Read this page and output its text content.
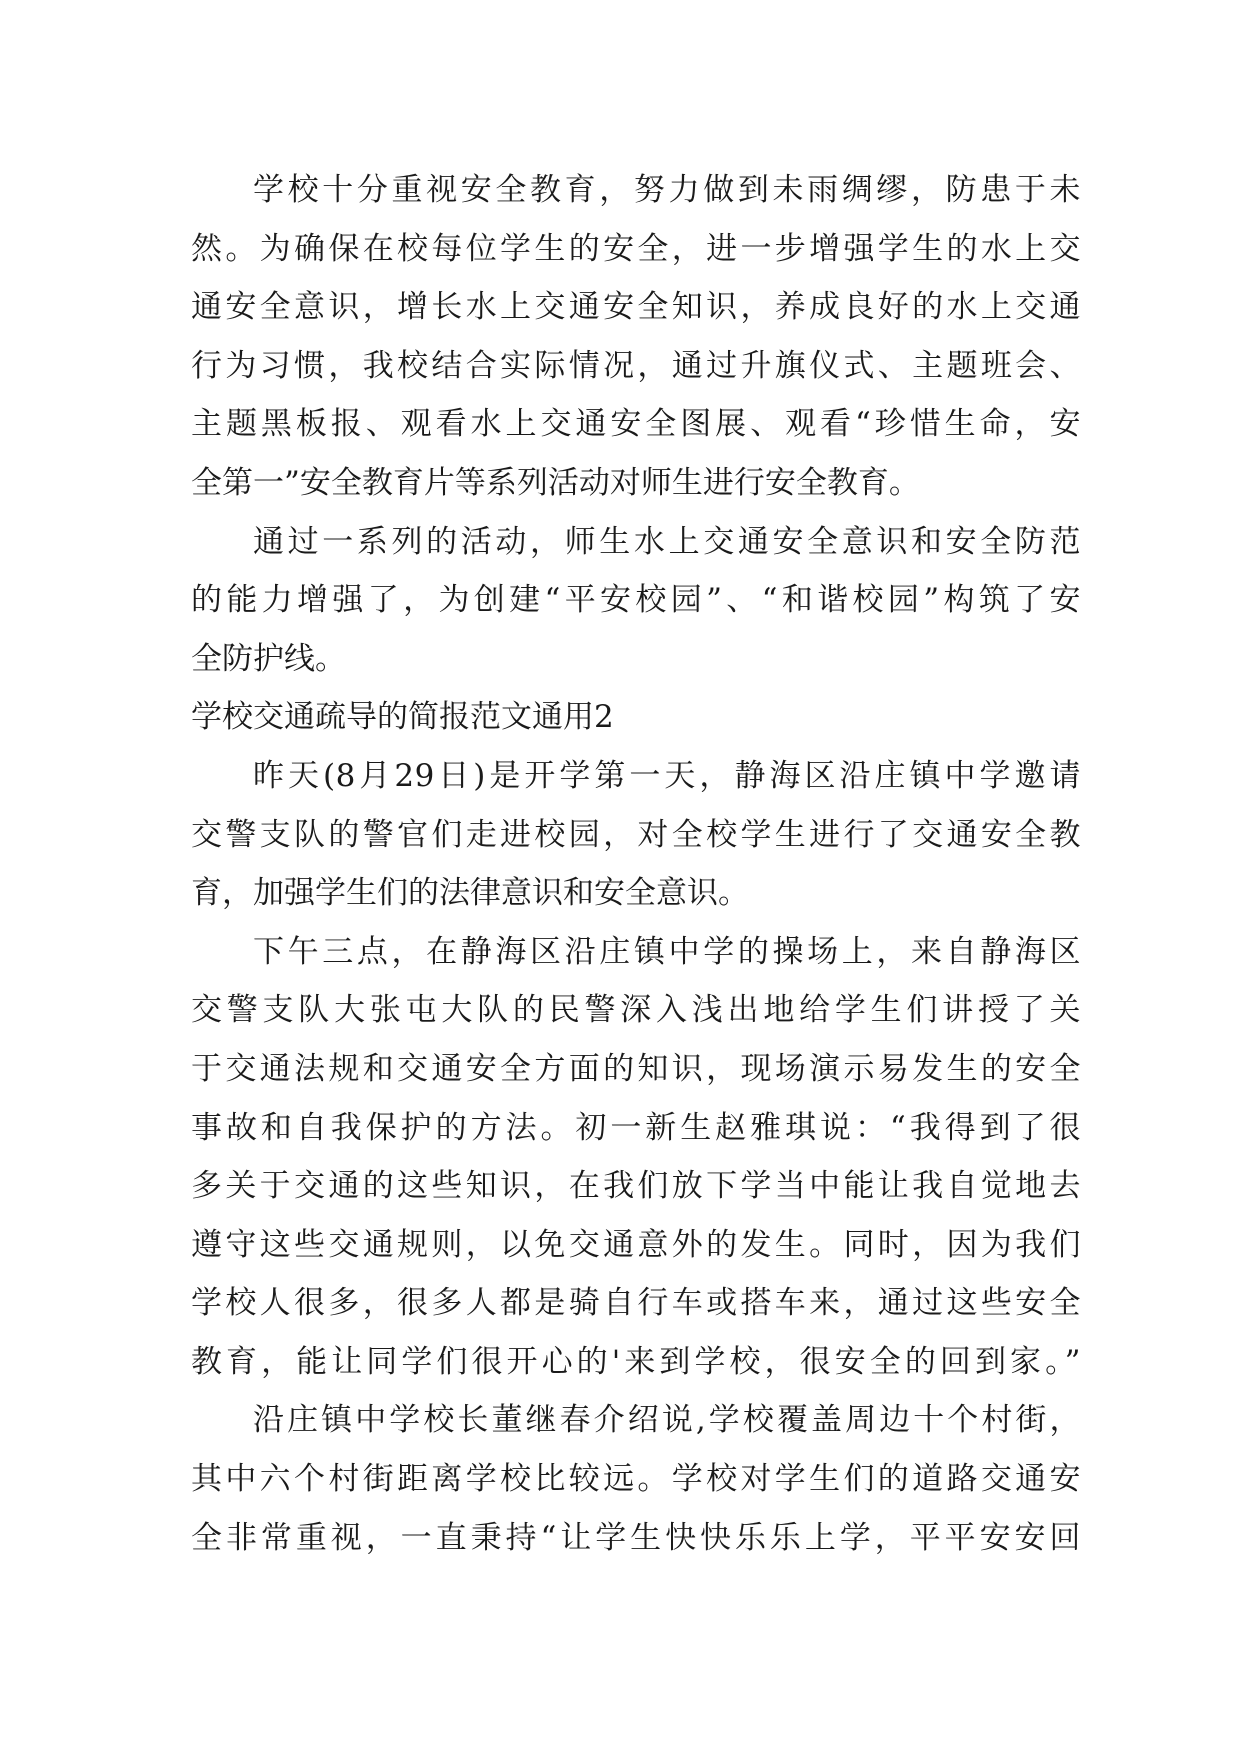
学校十分重视安全教育，努力做到未雨绸缪，防患于未
然。为确保在校每位学生的安全，进一步增强学生的水上交
通安全意识，增长水上交通安全知识，养成良好的水上交通
行为习惯，我校结合实际情况，通过升旗仪式、主题班会、
主题黑板报、观看水上交通安全图展、观看“珍惜生命，安
全第一”安全教育片等系列活动对师生进行安全教育。
通过一系列的活动，师生水上交通安全意识和安全防范
的能力增强了，为创建“平安校园”、“和谐校园”构筑了安
全防护线。
学校交通疏导的简报范文通用2
昨天(8月29日)是开学第一天，静海区沿庄镇中学邀请
交警支队的警官们走进校园，对全校学生进行了交通安全教
育，加强学生们的法律意识和安全意识。
下午三点，在静海区沿庄镇中学的操场上，来自静海区
交警支队大张屯大队的民警深入浅出地给学生们讲授了关
于交通法规和交通安全方面的知识，现场演示易发生的安全
事故和自我保护的方法。初一新生赵雅琪说：“我得到了很
多关于交通的这些知识，在我们放下学当中能让我自觉地去
遵守这些交通规则，以免交通意外的发生。同时，因为我们
学校人很多，很多人都是骑自行车或搭车来，通过这些安全
教育，能让同学们很开心的'来到学校，很安全的回到家。”
沿庄镇中学校长董继春介绍说,学校覆盖周边十个村街，
其中六个村街距离学校比较远。学校对学生们的道路交通安
全非常重视，一直秉持“让学生快快乐乐上学，平平安安回
